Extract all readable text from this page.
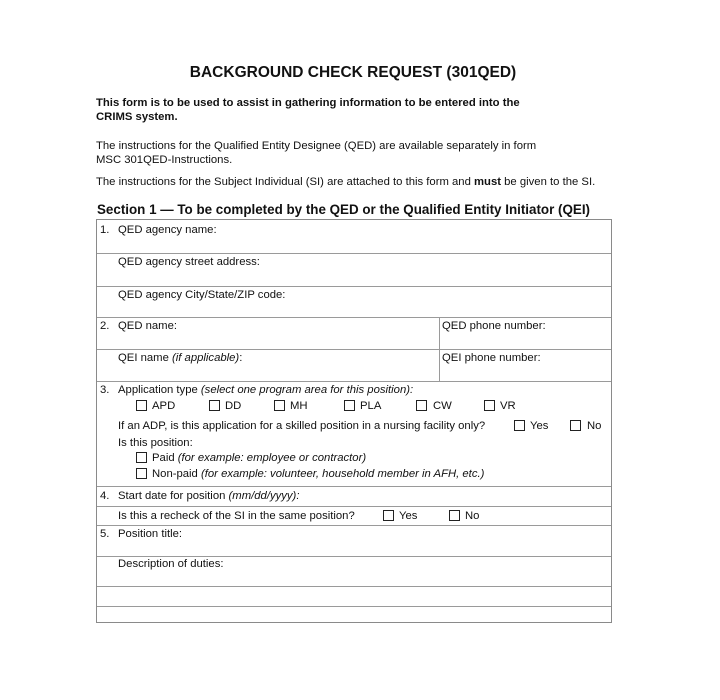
BACKGROUND CHECK REQUEST (301QED)
This form is to be used to assist in gathering information to be entered into the
CRIMS system.
The instructions for the Qualified Entity Designee (QED) are available separately in form
MSC 301QED-Instructions.
The instructions for the Subject Individual (SI) are attached to this form and must be given to the SI.
Section 1 — To be completed by the QED or the Qualified Entity Initiator (QEI)
1. QED agency name:
QED agency street address:
QED agency City/State/ZIP code:
2. QED name:	QED phone number:
QEI name (if applicable):	QEI phone number:
3. Application type (select one program area for this position):
APD	DD	MH	PLA	CW	VR
If an ADP, is this application for a skilled position in a nursing facility only?	Yes	No
Is this position:
Paid (for example: employee or contractor)
Non-paid (for example: volunteer, household member in AFH, etc.)
4. Start date for position (mm/dd/yyyy):
Is this a recheck of the SI in the same position?	Yes	No
5. Position title:
Description of duties:
